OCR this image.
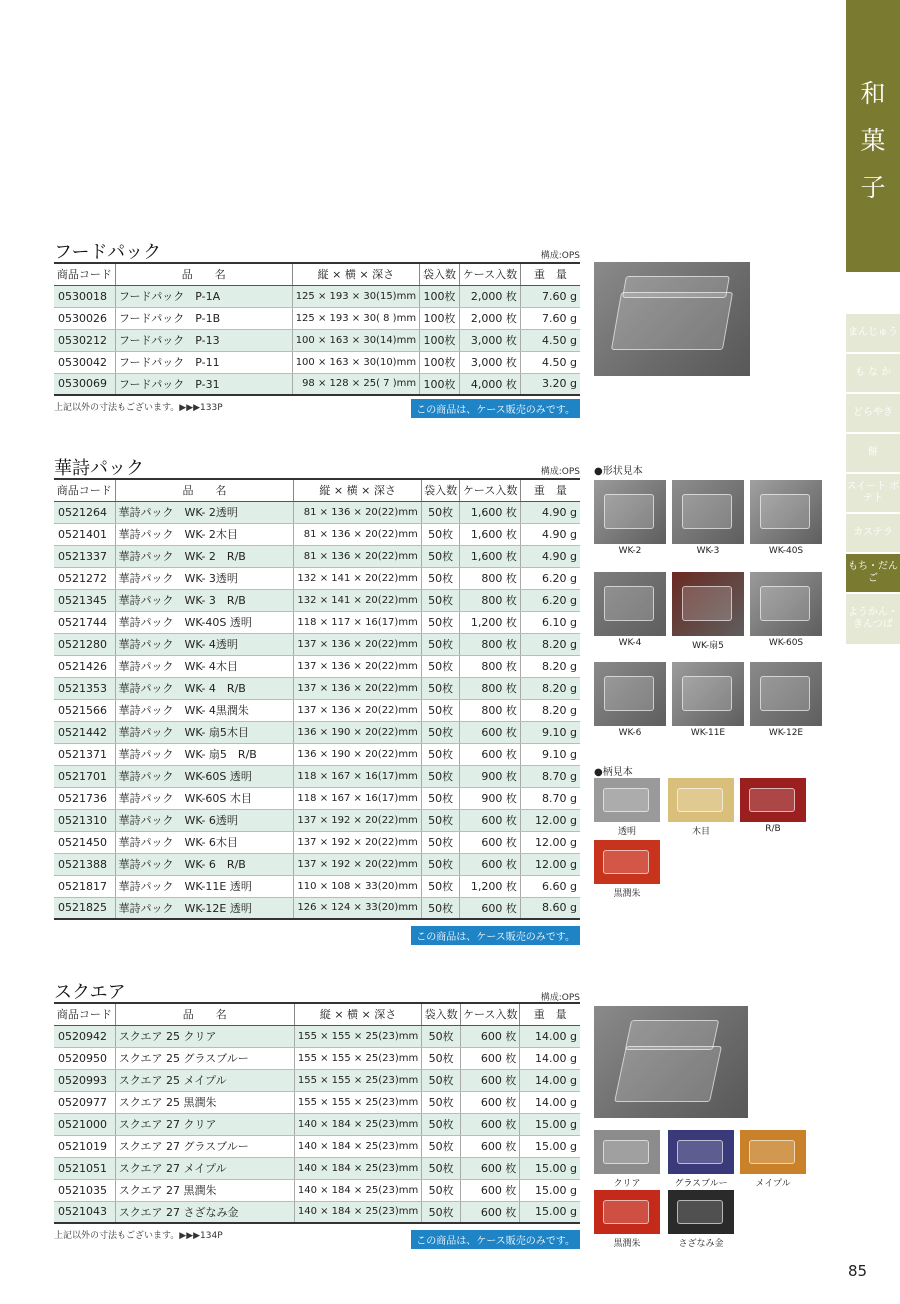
和
菓
子
まんじゅう
も な か
どらやき
餅
スイート ポテト
カステラ
もち・だんご
ようかん・ きんつば
フードパック	構成:OPS
商品コード	品　　名	縦 × 横 × 深さ	袋入数	ケース入数	重　量
0530018	フードパック　P-1A	125 × 193 × 30(15)mm	100枚	2,000 枚	7.60 g
0530026	フードパック　P-1B	125 × 193 × 30( 8 )mm	100枚	2,000 枚	7.60 g
0530212	フードパック　P-13	100 × 163 × 30(14)mm	100枚	3,000 枚	4.50 g
0530042	フードパック　P-11	100 × 163 × 30(10)mm	100枚	3,000 枚	4.50 g
0530069	フードパック　P-31	98 × 128 × 25( 7 )mm	100枚	4,000 枚	3.20 g
上記以外の寸法もございます。▶▶▶133P	この商品は、ケース販売のみです。
華詩パック	構成:OPS
商品コード	品　　名	縦 × 横 × 深さ	袋入数	ケース入数	重　量
0521264	華詩パック　WK- 2透明	81 × 136 × 20(22)mm	50枚	1,600 枚	4.90 g
0521401	華詩パック　WK- 2木目	81 × 136 × 20(22)mm	50枚	1,600 枚	4.90 g
0521337	華詩パック　WK- 2　R/B	81 × 136 × 20(22)mm	50枚	1,600 枚	4.90 g
0521272	華詩パック　WK- 3透明	132 × 141 × 20(22)mm	50枚	800 枚	6.20 g
0521345	華詩パック　WK- 3　R/B	132 × 141 × 20(22)mm	50枚	800 枚	6.20 g
0521744	華詩パック　WK-40S 透明	118 × 117 × 16(17)mm	50枚	1,200 枚	6.10 g
0521280	華詩パック　WK- 4透明	137 × 136 × 20(22)mm	50枚	800 枚	8.20 g
0521426	華詩パック　WK- 4木目	137 × 136 × 20(22)mm	50枚	800 枚	8.20 g
0521353	華詩パック　WK- 4　R/B	137 × 136 × 20(22)mm	50枚	800 枚	8.20 g
0521566	華詩パック　WK- 4黒潤朱	137 × 136 × 20(22)mm	50枚	800 枚	8.20 g
0521442	華詩パック　WK- 扇5木目	136 × 190 × 20(22)mm	50枚	600 枚	9.10 g
0521371	華詩パック　WK- 扇5　R/B	136 × 190 × 20(22)mm	50枚	600 枚	9.10 g
0521701	華詩パック　WK-60S 透明	118 × 167 × 16(17)mm	50枚	900 枚	8.70 g
0521736	華詩パック　WK-60S 木目	118 × 167 × 16(17)mm	50枚	900 枚	8.70 g
0521310	華詩パック　WK- 6透明	137 × 192 × 20(22)mm	50枚	600 枚	12.00 g
0521450	華詩パック　WK- 6木目	137 × 192 × 20(22)mm	50枚	600 枚	12.00 g
0521388	華詩パック　WK- 6　R/B	137 × 192 × 20(22)mm	50枚	600 枚	12.00 g
0521817	華詩パック　WK-11E 透明	110 × 108 × 33(20)mm	50枚	1,200 枚	6.60 g
0521825	華詩パック　WK-12E 透明	126 × 124 × 33(20)mm	50枚	600 枚	8.60 g
この商品は、ケース販売のみです。
●形状見本
WK-2	WK-3	WK-40S
WK-4	WK-扇5	WK-60S
WK-6	WK-11E	WK-12E
●柄見本
透明	木目	R/B
黒潤朱
スクエア	構成:OPS
商品コード	品　　名	縦 × 横 × 深さ	袋入数	ケース入数	重　量
0520942	スクエア 25 クリア	155 × 155 × 25(23)mm	50枚	600 枚	14.00 g
0520950	スクエア 25 グラスブルー	155 × 155 × 25(23)mm	50枚	600 枚	14.00 g
0520993	スクエア 25 メイプル	155 × 155 × 25(23)mm	50枚	600 枚	14.00 g
0520977	スクエア 25 黒潤朱	155 × 155 × 25(23)mm	50枚	600 枚	14.00 g
0521000	スクエア 27 クリア	140 × 184 × 25(23)mm	50枚	600 枚	15.00 g
0521019	スクエア 27 グラスブルー	140 × 184 × 25(23)mm	50枚	600 枚	15.00 g
0521051	スクエア 27 メイプル	140 × 184 × 25(23)mm	50枚	600 枚	15.00 g
0521035	スクエア 27 黒潤朱	140 × 184 × 25(23)mm	50枚	600 枚	15.00 g
0521043	スクエア 27 さざなみ金	140 × 184 × 25(23)mm	50枚	600 枚	15.00 g
上記以外の寸法もございます。▶▶▶134P	この商品は、ケース販売のみです。
クリア	グラスブルー	メイプル
黒潤朱	さざなみ金
85
